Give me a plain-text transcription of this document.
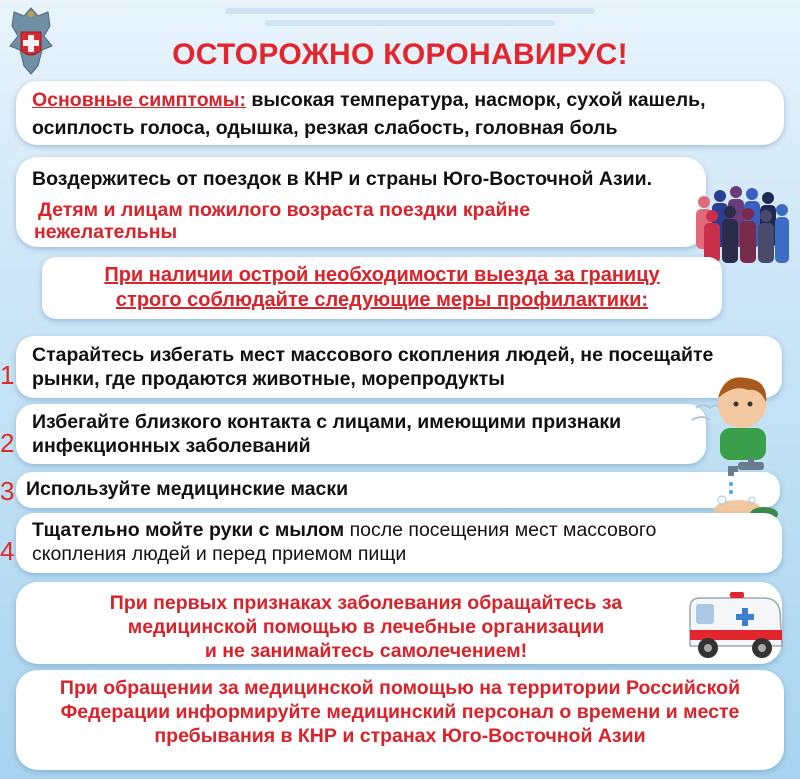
ОСТОРОЖНО КОРОНАВИРУС!
Основные симптомы: высокая температура, насморк, сухой кашель,
осиплость голоса, одышка, резкая слабость, головная боль
Воздержитесь от поездок в КНР и страны Юго-Восточной Азии.
Детям и лицам пожилого возраста поездки крайне
нежелательны
При наличии острой необходимости выезда за границу
строго соблюдайте следующие меры профилактики:
1
2
3
4
Старайтесь избегать мест массового скопления людей, не посещайте
рынки, где продаются животные, морепродукты
Избегайте близкого контакта с лицами, имеющими признаки
инфекционных заболеваний
Используйте медицинские маски
Тщательно мойте руки с мылом после посещения мест массового
скопления людей и перед приемом пищи
При первых признаках заболевания обращайтесь за
медицинской помощью в лечебные организации
и не занимайтесь самолечением!
При обращении за медицинской помощью на территории Российской
Федерации информируйте медицинский персонал о времени и месте
пребывания в КНР и странах Юго-Восточной Азии
